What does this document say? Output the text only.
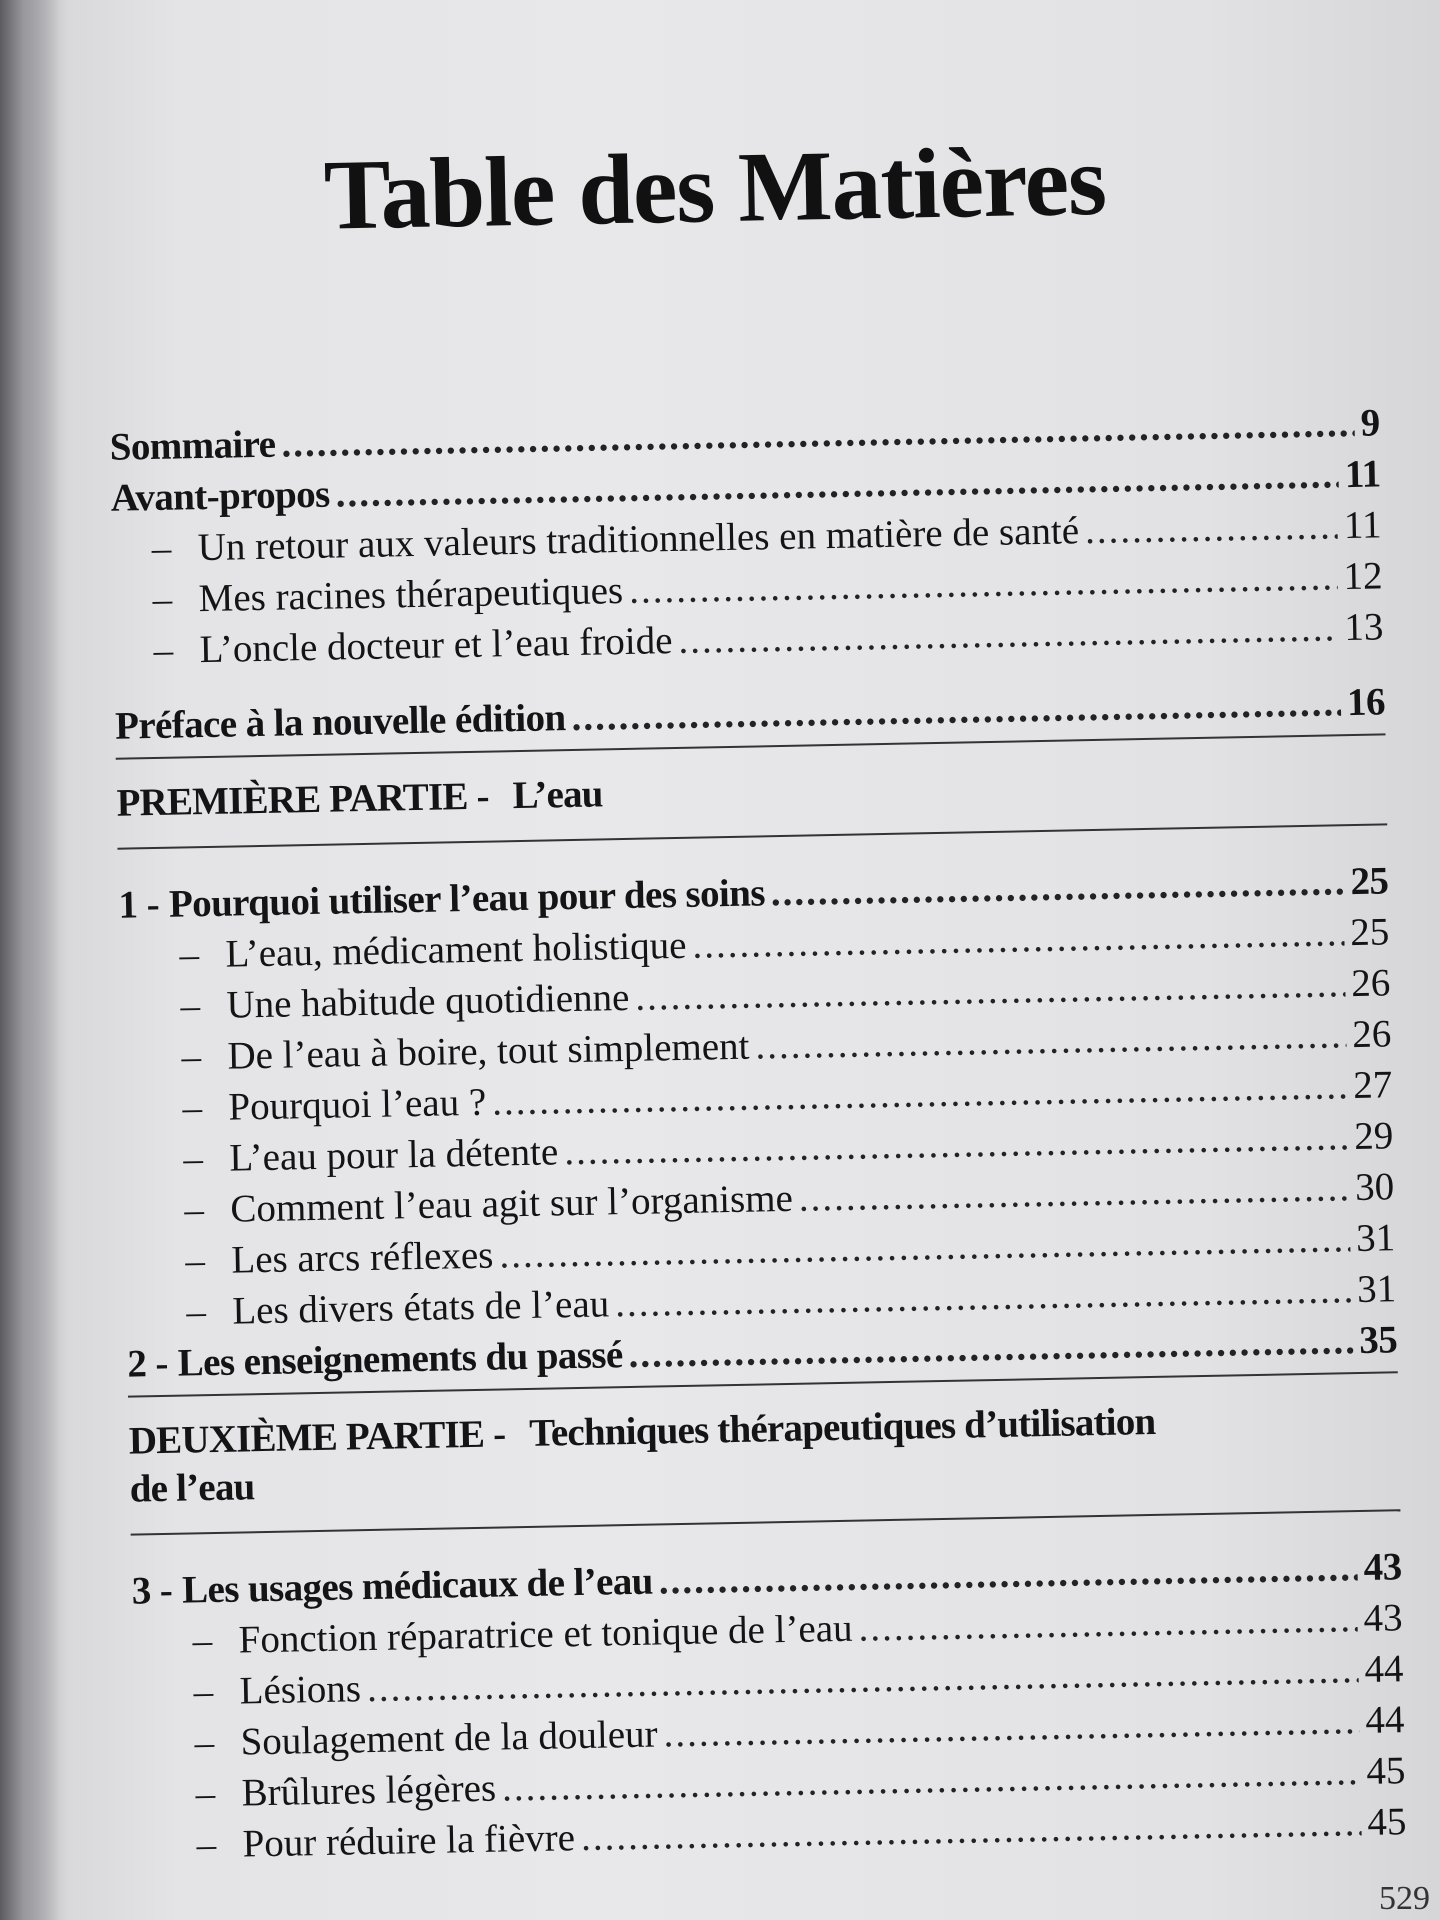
Table des Matières
Sommaire .....	9
Avant-propos .....	11
– Un retour aux valeurs traditionnelles en matière de santé .....	11
– Mes racines thérapeutiques .....	12
– L’oncle docteur et l’eau froide .....	13
Préface à la nouvelle édition .....	16
PREMIÈRE PARTIE - L’eau
1 - Pourquoi utiliser l’eau pour des soins .....	25
– L’eau, médicament holistique .....	25
– Une habitude quotidienne .....	26
– De l’eau à boire, tout simplement .....	26
– Pourquoi l’eau ? .....	27
– L’eau pour la détente .....	29
– Comment l’eau agit sur l’organisme .....	30
– Les arcs réflexes .....	31
– Les divers états de l’eau .....	31
2 - Les enseignements du passé .....	35
DEUXIÈME PARTIE - Techniques thérapeutiques d’utilisation
de l’eau
3 - Les usages médicaux de l’eau .....	43
– Fonction réparatrice et tonique de l’eau .....	43
– Lésions .....	44
– Soulagement de la douleur .....	44
– Brûlures légères .....	45
– Pour réduire la fièvre .....	45
529
